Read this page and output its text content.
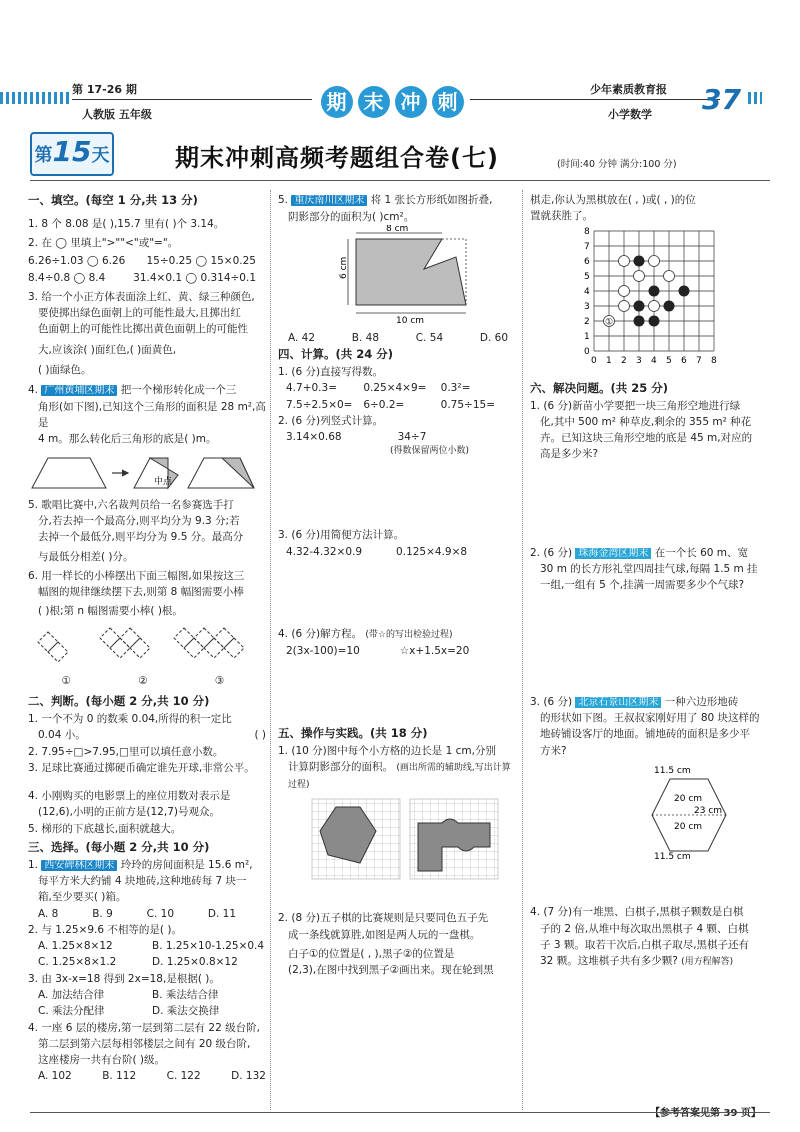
第 17-26 期
人教版 五年级
期 末 冲 刺	少年素质教育报
小学数学 37
第 15 天	期末冲刺高频考题组合卷(七)	(时间:40 分钟 满分:100 分)
一、填空。(每空 1 分,共 13 分)
1. 8 个 8.08 是( ),15.7 里有( )个 3.14。
2. 在 ◯ 里填上">""<"或"="。
6.26÷1.03 ◯ 6.26 15÷0.25 ◯ 15×0.25
8.4÷0.8 ◯ 8.4	31.4×0.1 ◯ 0.314÷0.1
3. 给一个小正方体表面涂上红、黄、绿三种颜色,
要使掷出绿色面朝上的可能性最大,且掷出红
色面朝上的可能性比掷出黄色面朝上的可能性
大,应该涂( )面红色,( )面黄色,
( )面绿色。
4. 广州黄埔区期末 把一个梯形转化成一个三
角形(如下图),已知这个三角形的面积是 28 m²,高是
4 m。那么转化后三角形的底是( )m。
中点
5. 歌唱比赛中,六名裁判员给一名参赛选手打
分,若去掉一个最高分,则平均分为 9.3 分;若
去掉一个最低分,则平均分为 9.5 分。最高分
与最低分相差( )分。
6. 用一样长的小棒摆出下面三幅图,如果按这三
幅图的规律继续摆下去,则第 8 幅图需要小棒
( )根;第 n 幅图需要小棒( )根。
①	②	③
二、判断。(每小题 2 分,共 10 分)
1. 一个不为 0 的数乘 0.04,所得的积一定比
0.04 小。	( )
2. 7.95÷□>7.95,□里可以填任意小数。
3. 足球比赛通过掷硬币确定谁先开球,非常公平。
4. 小刚购买的电影票上的座位用数对表示是
(12,6),小明的正前方是(12,7)号观众。
5. 梯形的下底越长,面积就越大。
三、选择。(每小题 2 分,共 10 分)
1. 西安碑林区期末 玲玲的房间面积是 15.6 m²,
每平方米大约铺 4 块地砖,这种地砖每 7 块一
箱,至少要买( )箱。
A. 8	B. 9	C. 10	D. 11
2. 与 1.25×9.6 不相等的是( )。
A. 1.25×8×12	B. 1.25×10-1.25×0.4
C. 1.25×8×1.2	D. 1.25×0.8×12
3. 由 3x-x=18 得到 2x=18,是根据( )。
A. 加法结合律	B. 乘法结合律
C. 乘法分配律	D. 乘法交换律
4. 一座 6 层的楼房,第一层到第二层有 22 级台阶,
第二层到第六层每相邻楼层之间有 20 级台阶,
这座楼房一共有台阶( )级。
A. 102	B. 112	C. 122	D. 132
5. 重庆南川区期末 将 1 张长方形纸如图折叠,
阴影部分的面积为( )cm²。
8 cm
6 cm
10 cm
A. 42	B. 48	C. 54	D. 60
四、计算。(共 24 分)
1. (6 分)直接写得数。
4.7+0.3=	0.25×4×9=	0.3²=
7.5÷2.5×0=	6÷0.2=	0.75÷15=
2. (6 分)列竖式计算。
3.14×0.68	34÷7
(得数保留两位小数)
3. (6 分)用简便方法计算。
4.32-4.32×0.9	0.125×4.9×8
4. (6 分)解方程。 (带☆的写出检验过程)
2(3x-100)=10	☆x+1.5x=20
五、操作与实践。(共 18 分)
1. (10 分)图中每个小方格的边长是 1 cm,分别
计算阴影部分的面积。 (画出所需的辅助线,写出计算过程)
2. (8 分)五子棋的比赛规则是只要同色五子先
成一条线就算胜,如图是两人玩的一盘棋。
白子①的位置是( , ),黑子②的位置是
(2,3),在图中找到黑子②画出来。现在轮到黑
棋走,你认为黑棋放在( , )或( , )的位
置就获胜了。
8
7
6
5
4
3
2
1
0
0 1 2 3 4 5 6 7 8
①
六、解决问题。(共 25 分)
1. (6 分)新苗小学要把一块三角形空地进行绿
化,其中 500 m² 种草皮,剩余的 355 m² 种花
卉。已知这块三角形空地的底是 45 m,对应的
高是多少米?
2. (6 分) 珠海金湾区期末 在一个长 60 m、宽
30 m 的长方形礼堂四周挂气球,每隔 1.5 m 挂
一组,一组有 5 个,挂满一周需要多少个气球?
3. (6 分) 北京石景山区期末 一种六边形地砖
的形状如下图。王叔叔家刚好用了 80 块这样的
地砖铺设客厅的地面。铺地砖的面积是多少平
方米?
11.5 cm
20 cm
23 cm
20 cm
11.5 cm
4. (7 分)有一堆黑、白棋子,黑棋子颗数是白棋
子的 2 倍,从堆中每次取出黑棋子 4 颗、白棋
子 3 颗。取若干次后,白棋子取尽,黑棋子还有
32 颗。这堆棋子共有多少颗? (用方程解答)
【参考答案见第 39 页】
